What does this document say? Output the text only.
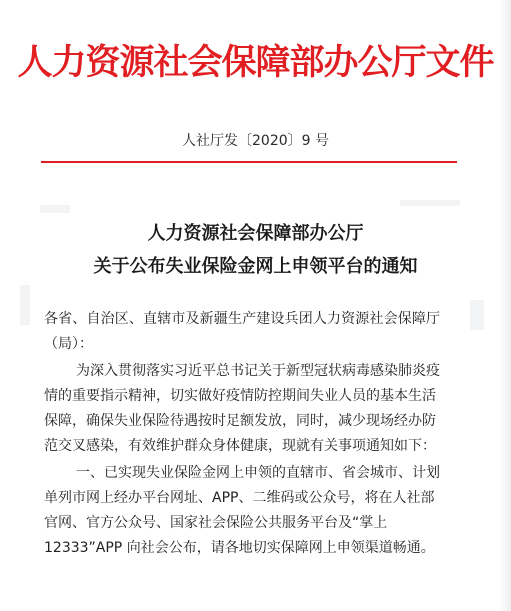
人力资源社会保障部办公厅文件
人社厅发〔2020〕9 号
人力资源社会保障部办公厅
关于公布失业保险金网上申领平台的通知
各省、自治区、直辖市及新疆生产建设兵团人力资源社会保障厅
（局）：
为深入贯彻落实习近平总书记关于新型冠状病毒感染肺炎疫
情的重要指示精神，切实做好疫情防控期间失业人员的基本生活
保障，确保失业保险待遇按时足额发放，同时，减少现场经办防
范交叉感染，有效维护群众身体健康，现就有关事项通知如下：
一、已实现失业保险金网上申领的直辖市、省会城市、计划
单列市网上经办平台网址、APP、二维码或公众号，将在人社部
官网、官方公众号、国家社会保险公共服务平台及“掌上
12333”APP 向社会公布，请各地切实保障网上申领渠道畅通。
